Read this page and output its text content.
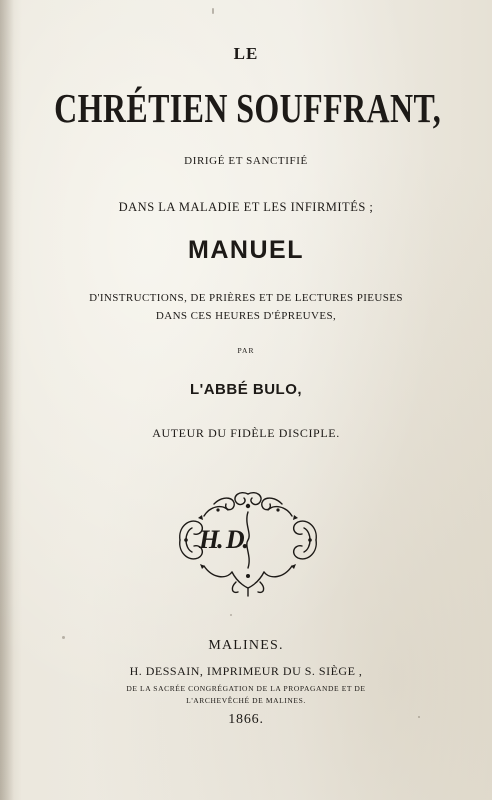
LE
CHRÉTIEN SOUFFRANT,
DIRIGÉ ET SANCTIFIÉ
DANS LA MALADIE ET LES INFIRMITÉS ;
MANUEL
D'INSTRUCTIONS, DE PRIÈRES ET DE LECTURES PIEUSES
DANS CES HEURES D'ÉPREUVES,
PAR
L'ABBÉ BULO,
AUTEUR DU FIDÈLE DISCIPLE.
H. D.
MALINES.
H. DESSAIN, IMPRIMEUR DU S. SIÈGE ,
DE LA SACRÉE CONGRÉGATION DE LA PROPAGANDE ET DE
L'ARCHEVÊCHÉ DE MALINES.
1866.
